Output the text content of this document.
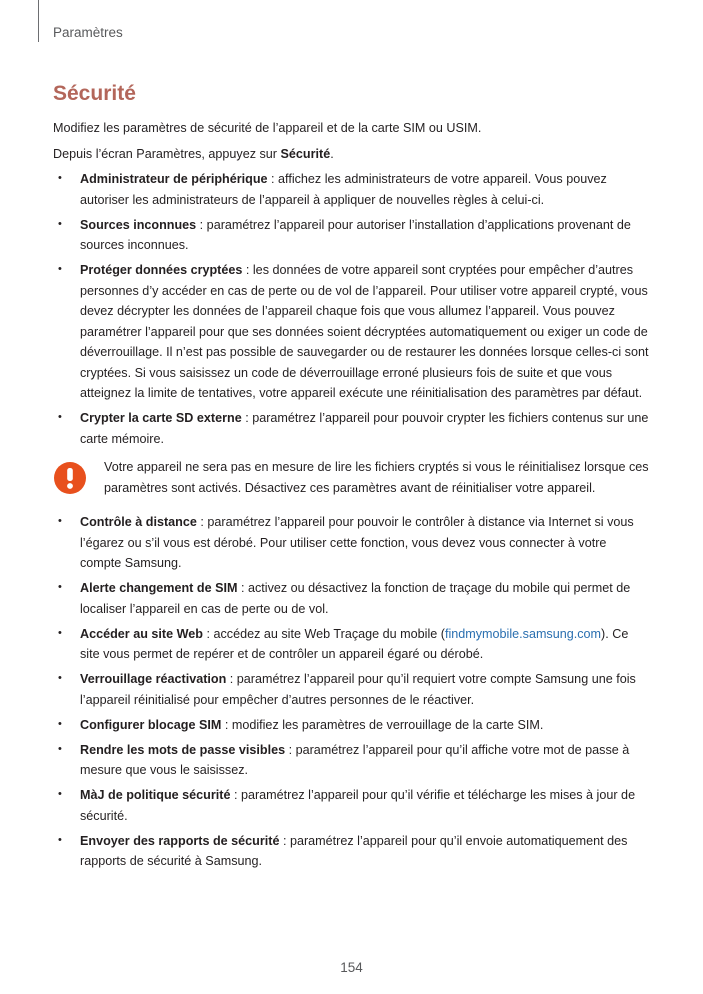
Paramètres
Sécurité

Modifiez les paramètres de sécurité de l’appareil et de la carte SIM ou USIM.

Depuis l’écran Paramètres, appuyez sur Sécurité.

• Administrateur de périphérique : affichez les administrateurs de votre appareil. Vous pouvez autoriser les administrateurs de l’appareil à appliquer de nouvelles règles à celui-ci.
• Sources inconnues : paramétrez l’appareil pour autoriser l’installation d’applications provenant de sources inconnues.
• Protéger données cryptées : les données de votre appareil sont cryptées pour empêcher d’autres personnes d’y accéder en cas de perte ou de vol de l’appareil. Pour utiliser votre appareil crypté, vous devez décrypter les données de l’appareil chaque fois que vous allumez l’appareil. Vous pouvez paramétrer l’appareil pour que ses données soient décryptées automatiquement ou exiger un code de déverrouillage. Il n’est pas possible de sauvegarder ou de restaurer les données lorsque celles-ci sont cryptées. Si vous saisissez un code de déverrouillage erroné plusieurs fois de suite et que vous atteignez la limite de tentatives, votre appareil exécute une réinitialisation des paramètres par défaut.
• Crypter la carte SD externe : paramétrez l’appareil pour pouvoir crypter les fichiers contenus sur une carte mémoire.
Votre appareil ne sera pas en mesure de lire les fichiers cryptés si vous le réinitialisez lorsque ces paramètres sont activés. Désactivez ces paramètres avant de réinitialiser votre appareil.
• Contrôle à distance : paramétrez l’appareil pour pouvoir le contrôler à distance via Internet si vous l’égarez ou s’il vous est dérobé. Pour utiliser cette fonction, vous devez vous connecter à votre compte Samsung.
• Alerte changement de SIM : activez ou désactivez la fonction de traçage du mobile qui permet de localiser l’appareil en cas de perte ou de vol.
• Accéder au site Web : accédez au site Web Traçage du mobile (findmymobile.samsung.com). Ce site vous permet de repérer et de contrôler un appareil égaré ou dérobé.
• Verrouillage réactivation : paramétrez l’appareil pour qu’il requiert votre compte Samsung une fois l’appareil réinitialisé pour empêcher d’autres personnes de le réactiver.
• Configurer blocage SIM : modifiez les paramètres de verrouillage de la carte SIM.
• Rendre les mots de passe visibles : paramétrez l’appareil pour qu’il affiche votre mot de passe à mesure que vous le saisissez.
• MàJ de politique sécurité : paramétrez l’appareil pour qu’il vérifie et télécharge les mises à jour de sécurité.
• Envoyer des rapports de sécurité : paramétrez l’appareil pour qu’il envoie automatiquement des rapports de sécurité à Samsung.
154
